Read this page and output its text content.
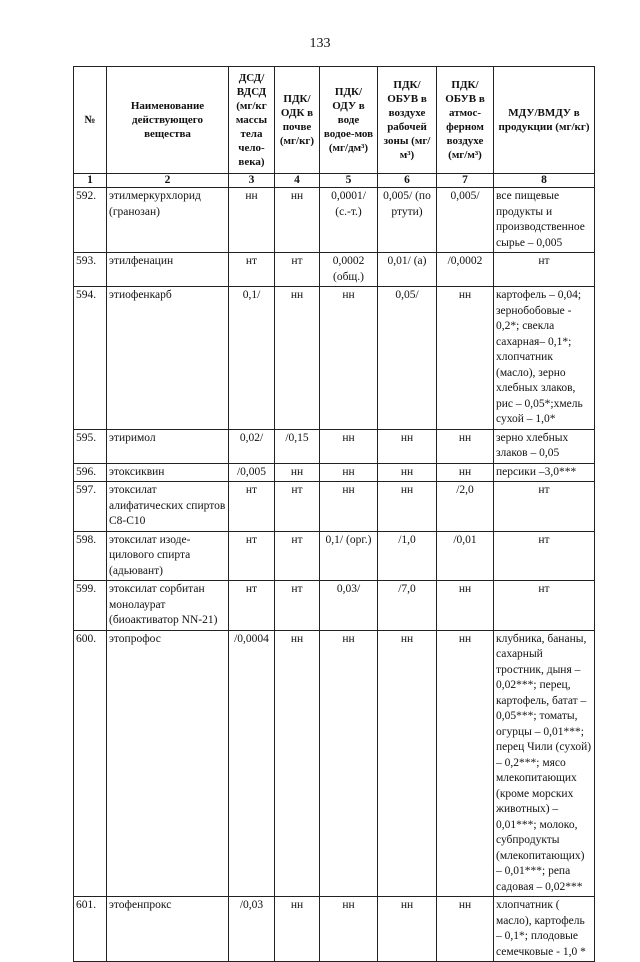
133
№	Наименование действующего вещества	ДСД/ ВДСД (мг/кг массы тела чело-века)	ПДК/ ОДК в почве (мг/кг)	ПДК/ ОДУ в воде водое-мов (мг/дм³)	ПДК/ ОБУВ в воздухе рабочей зоны (мг/м³)	ПДК/ ОБУВ в атмос-ферном воздухе (мг/м³)	МДУ/ВМДУ в продукции (мг/кг)
1	2	3	4	5	6	7	8
592.	этилмеркурхлорид (гранозан)	нн	нн	0,0001/ (с.-т.)	0,005/ (по ртути)	0,005/	все пищевые продукты и производственное сырье – 0,005
593.	этилфенацин	нт	нт	0,0002 (общ.)	0,01/ (а)	/0,0002	нт
594.	этиофенкарб	0,1/	нн	нн	0,05/	нн	картофель – 0,04; зернобобовые - 0,2*; свекла сахарная– 0,1*; хлопчатник (масло), зерно хлебных злаков, рис – 0,05*;хмель сухой – 1,0*
595.	этиримол	0,02/	/0,15	нн	нн	нн	зерно хлебных злаков – 0,05
596.	этоксиквин	/0,005	нн	нн	нн	нн	персики –3,0***
597.	этоксилат алифатических спиртов C8-C10	нт	нт	нн	нн	/2,0	нт
598.	этоксилат изоде-цилового спирта (адьювант)	нт	нт	0,1/ (орг.)	/1,0	/0,01	нт
599.	этоксилат сорбитан монолаурат (биоактиватор NN-21)	нт	нт	0,03/	/7,0	нн	нт
600.	этопрофос	/0,0004	нн	нн	нн	нн	клубника, бананы, сахарный тростник, дыня – 0,02***; перец, картофель, батат – 0,05***; томаты, огурцы – 0,01***; перец Чили (сухой) – 0,2***; мясо млекопитающих (кроме морских животных) – 0,01***; молоко, субпродукты (млекопитающих) – 0,01***; репа садовая – 0,02***
601.	этофенпрокс	/0,03	нн	нн	нн	нн	хлопчатник ( масло), картофель – 0,1*; плодовые семечковые - 1,0 *
